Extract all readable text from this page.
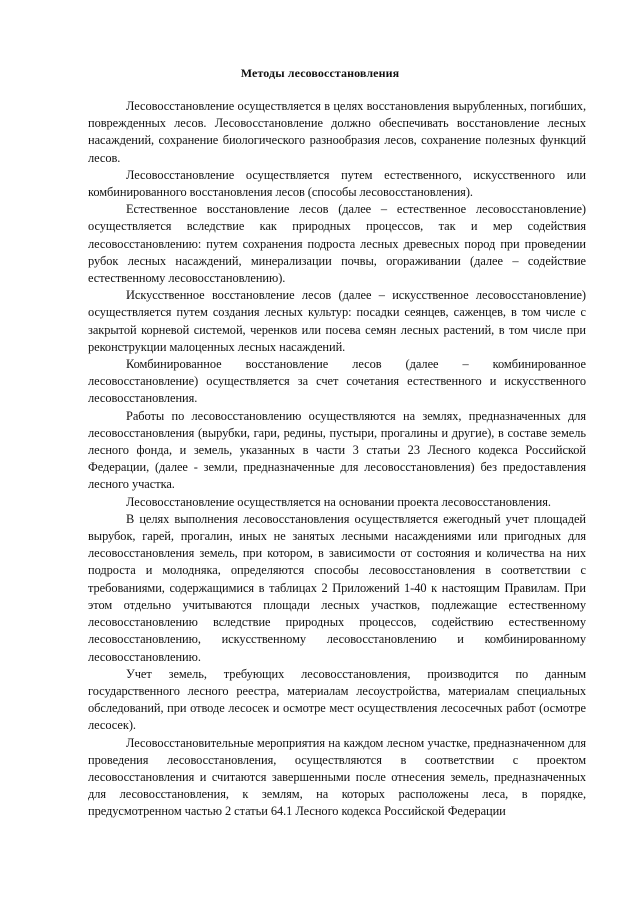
Методы лесовосстановления

Лесовосстановление осуществляется в целях восстановления вырубленных, погибших, поврежденных лесов. Лесовосстановление должно обеспечивать восстановление лесных насаждений, сохранение биологического разнообразия лесов, сохранение полезных функций лесов.

Лесовосстановление осуществляется путем естественного, искусственного или комбинированного восстановления лесов (способы лесовосстановления).

Естественное восстановление лесов (далее – естественное лесовосстановление) осуществляется вследствие как природных процессов, так и мер содействия лесовосстановлению: путем сохранения подроста лесных древесных пород при проведении рубок лесных насаждений, минерализации почвы, огораживании (далее – содействие естественному лесовосстановлению).

Искусственное восстановление лесов (далее – искусственное лесовосстановление) осуществляется путем создания лесных культур: посадки сеянцев, саженцев, в том числе с закрытой корневой системой, черенков или посева семян лесных растений, в том числе при реконструкции малоценных лесных насаждений.

Комбинированное восстановление лесов (далее – комбинированное лесовосстановление) осуществляется за счет сочетания естественного и искусственного лесовосстановления.

Работы по лесовосстановлению осуществляются на землях, предназначенных для лесовосстановления (вырубки, гари, редины, пустыри, прогалины и другие), в составе земель лесного фонда, и земель, указанных в части 3 статьи 23 Лесного кодекса Российской Федерации, (далее - земли, предназначенные для лесовосстановления) без предоставления лесного участка.

Лесовосстановление осуществляется на основании проекта лесовосстановления.

В целях выполнения лесовосстановления осуществляется ежегодный учет площадей вырубок, гарей, прогалин, иных не занятых лесными насаждениями или пригодных для лесовосстановления земель, при котором, в зависимости от состояния и количества на них подроста и молодняка, определяются способы лесовосстановления в соответствии с требованиями, содержащимися в таблицах 2 Приложений 1-40 к настоящим Правилам. При этом отдельно учитываются площади лесных участков, подлежащие естественному лесовосстановлению вследствие природных процессов, содействию естественному лесовосстановлению, искусственному лесовосстановлению и комбинированному лесовосстановлению.

Учет земель, требующих лесовосстановления, производится по данным государственного лесного реестра, материалам лесоустройства, материалам специальных обследований, при отводе лесосек и осмотре мест осуществления лесосечных работ (осмотре лесосек).

Лесовосстановительные мероприятия на каждом лесном участке, предназначенном для проведения лесовосстановления, осуществляются в соответствии с проектом лесовосстановления и считаются завершенными после отнесения земель, предназначенных для лесовосстановления, к землям, на которых расположены леса, в порядке, предусмотренном частью 2 статьи 64.1 Лесного кодекса Российской Федерации
